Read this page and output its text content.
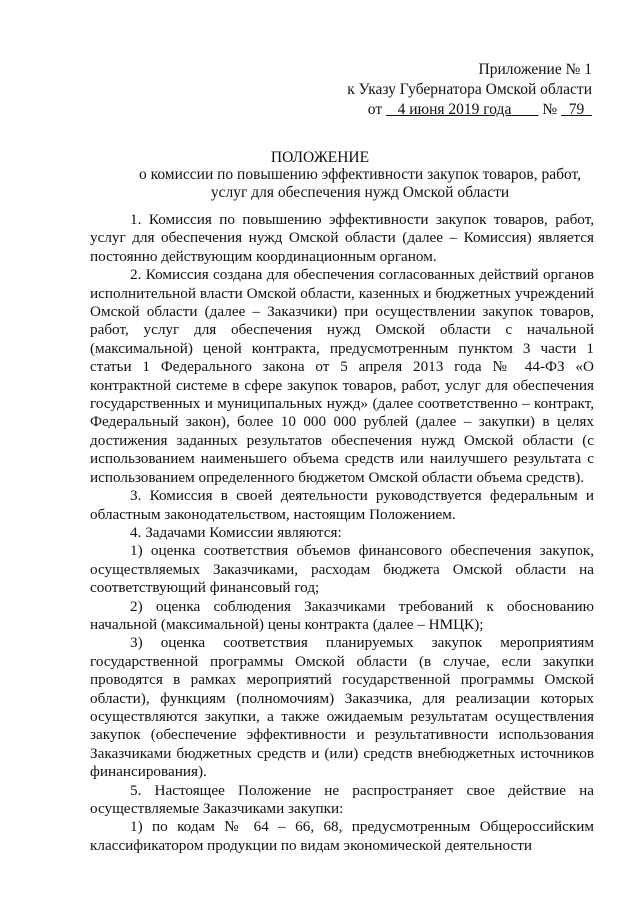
Приложение № 1
к Указу Губернатора Омской области
от 4 июня 2019 года № 79
ПОЛОЖЕНИЕ
о комиссии по повышению эффективности закупок товаров, работ, услуг для обеспечения нужд Омской области

1. Комиссия по повышению эффективности закупок товаров, работ, услуг для обеспечения нужд Омской области (далее – Комиссия) является постоянно действующим координационным органом.

2. Комиссия создана для обеспечения согласованных действий органов исполнительной власти Омской области, казенных и бюджетных учреждений Омской области (далее – Заказчики) при осуществлении закупок товаров, работ, услуг для обеспечения нужд Омской области с начальной (максимальной) ценой контракта, предусмотренным пунктом 3 части 1 статьи 1 Федерального закона от 5 апреля 2013 года № 44-ФЗ «О контрактной системе в сфере закупок товаров, работ, услуг для обеспечения государственных и муниципальных нужд» (далее соответственно – контракт, Федеральный закон), более 10 000 000 рублей (далее – закупки) в целях достижения заданных результатов обеспечения нужд Омской области (с использованием наименьшего объема средств или наилучшего результата с использованием определенного бюджетом Омской области объема средств).

3. Комиссия в своей деятельности руководствуется федеральным и областным законодательством, настоящим Положением.

4. Задачами Комиссии являются:

1) оценка соответствия объемов финансового обеспечения закупок, осуществляемых Заказчиками, расходам бюджета Омской области на соответствующий финансовый год;

2) оценка соблюдения Заказчиками требований к обоснованию начальной (максимальной) цены контракта (далее – НМЦК);

3) оценка соответствия планируемых закупок мероприятиям государственной программы Омской области (в случае, если закупки проводятся в рамках мероприятий государственной программы Омской области), функциям (полномочиям) Заказчика, для реализации которых осуществляются закупки, а также ожидаемым результатам осуществления закупок (обеспечение эффективности и результативности использования Заказчиками бюджетных средств и (или) средств внебюджетных источников финансирования).

5. Настоящее Положение не распространяет свое действие на осуществляемые Заказчиками закупки:

1) по кодам № 64 – 66, 68, предусмотренным Общероссийским классификатором продукции по видам экономической деятельности
